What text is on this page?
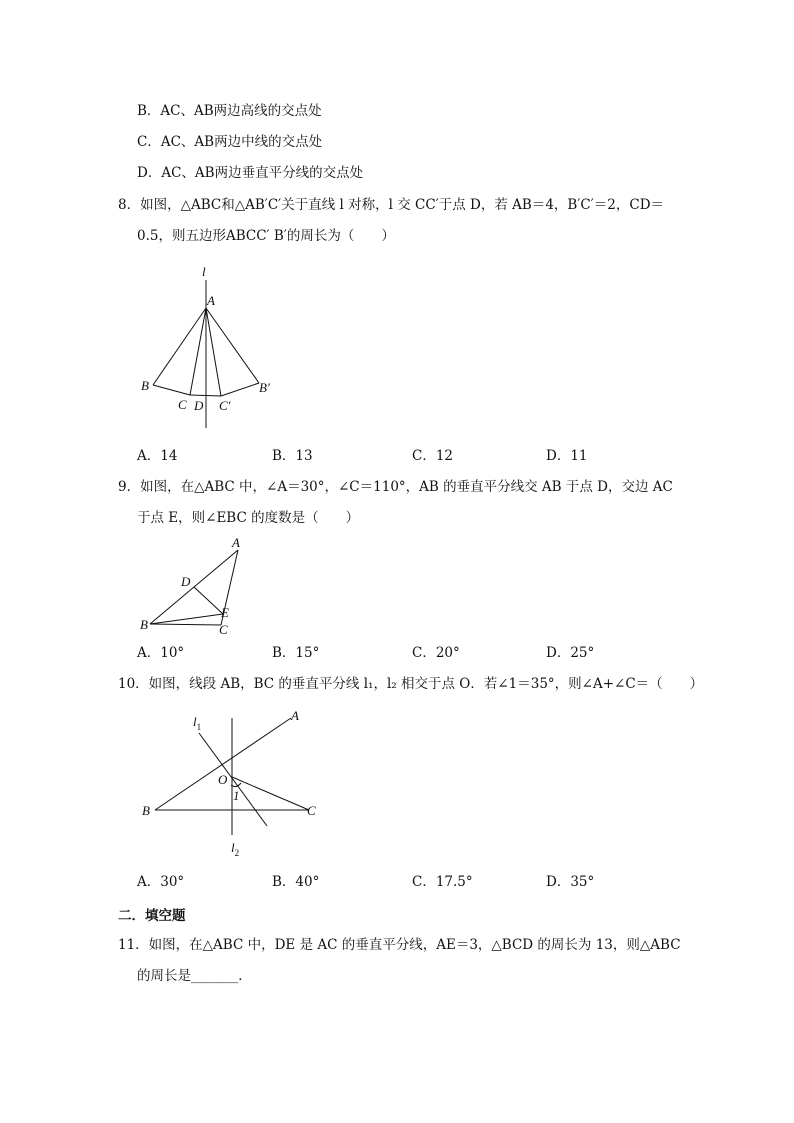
B．AC、AB两边高线的交点处
C．AC、AB两边中线的交点处
D．AC、AB两边垂直平分线的交点处
8．如图，△ABC和△AB′C′关于直线 l 对称，l 交 CC′于点 D，若 AB＝4，B′C′＝2，CD＝
0.5，则五边形ABCC′ B′的周长为（　　）
l
A
B
C D C′
B′
A．14	B．13	C．12	D．11
9．如图，在△ABC 中，∠A＝30°，∠C＝110°，AB 的垂直平分线交 AB 于点 D，交边 AC
于点 E，则∠EBC 的度数是（　　）
A
D
B
E
C
A．10°	B．15°	C．20°	D．25°
10．如图，线段 AB，BC 的垂直平分线 l₁，l₂ 相交于点 O．若∠1＝35°，则∠A+∠C＝（　　）
$l_1$
A
O
1
B	C
$l_2$
A．30°	B．40°	C．17.5°	D．35°
二．填空题
11．如图，在△ABC 中，DE 是 AC 的垂直平分线，AE＝3，△BCD 的周长为 13，则△ABC
的周长是_______．
